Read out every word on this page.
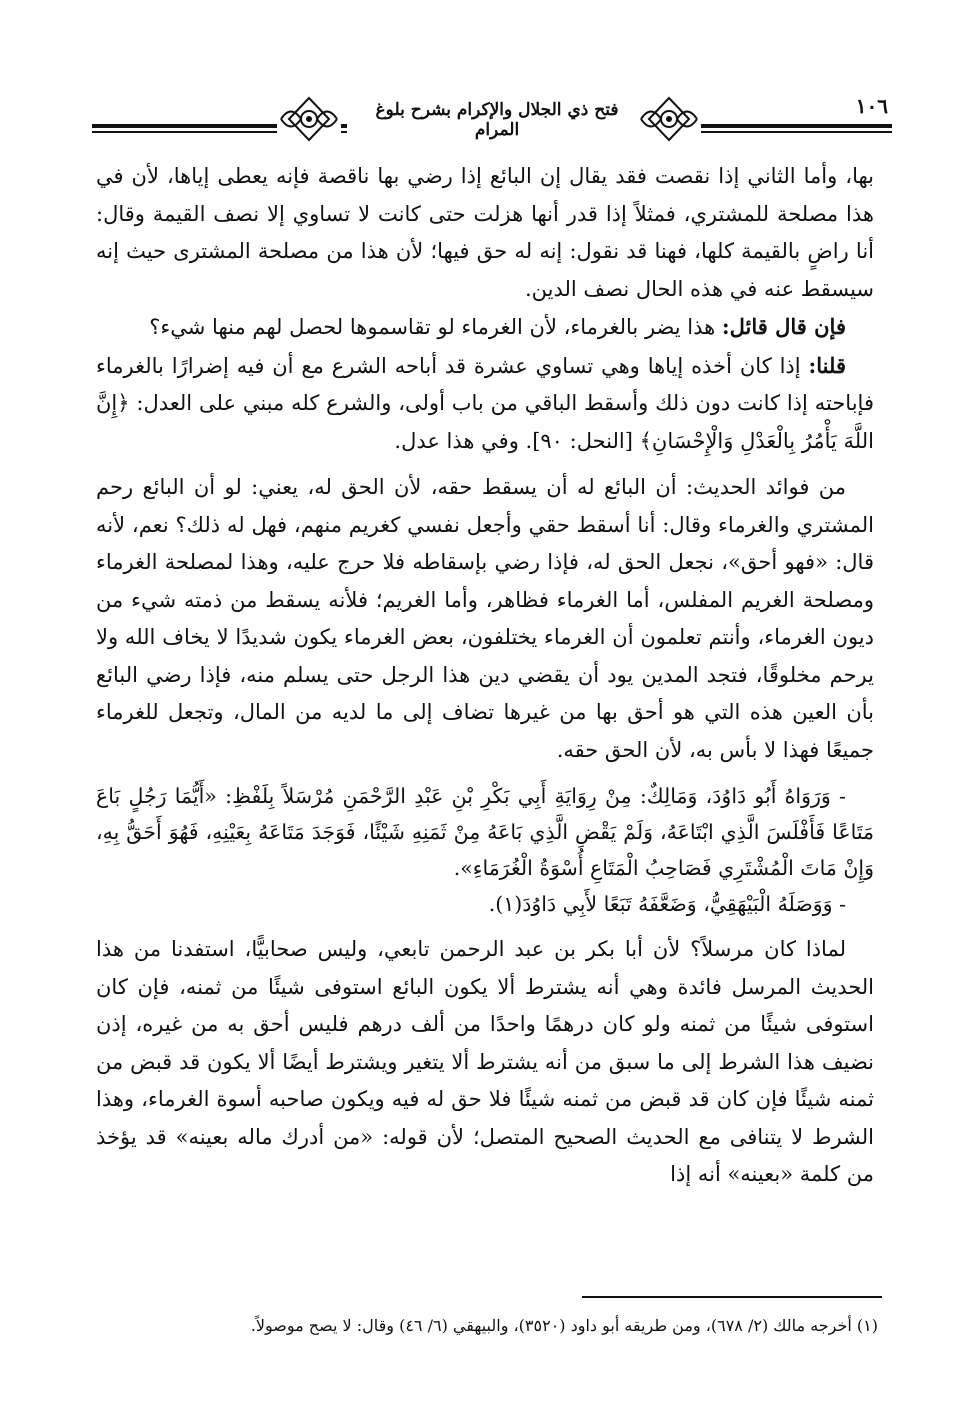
فتح ذي الجلال والإكرام بشرح بلوغ المرام
١٠٦

بها، وأما الثاني إذا نقصت فقد يقال إن البائع إذا رضي بها ناقصة فإنه يعطى إياها، لأن في هذا مصلحة للمشتري، فمثلاً إذا قدر أنها هزلت حتى كانت لا تساوي إلا نصف القيمة وقال: أنا راضٍ بالقيمة كلها، فهنا قد نقول: إنه له حق فيها؛ لأن هذا من مصلحة المشترى حيث إنه سيسقط عنه في هذه الحال نصف الدين.

فإن قال قائل: هذا يضر بالغرماء، لأن الغرماء لو تقاسموها لحصل لهم منها شيء؟

قلنا: إذا كان أخذه إياها وهي تساوي عشرة قد أباحه الشرع مع أن فيه إضرارًا بالغرماء فإباحته إذا كانت دون ذلك وأسقط الباقي من باب أولى، والشرع كله مبني على العدل: ﴿إِنَّ اللَّهَ يَأْمُرُ بِالْعَدْلِ وَالْإِحْسَانِ﴾ [النحل: ٩٠]. وفي هذا عدل.

من فوائد الحديث: أن البائع له أن يسقط حقه، لأن الحق له، يعني: لو أن البائع رحم المشتري والغرماء وقال: أنا أسقط حقي وأجعل نفسي كغريم منهم، فهل له ذلك؟ نعم، لأنه قال: «فهو أحق»، نجعل الحق له، فإذا رضي بإسقاطه فلا حرج عليه، وهذا لمصلحة الغرماء ومصلحة الغريم المفلس، أما الغرماء فظاهر، وأما الغريم؛ فلأنه يسقط من ذمته شيء من ديون الغرماء، وأنتم تعلمون أن الغرماء يختلفون، بعض الغرماء يكون شديدًا لا يخاف الله ولا يرحم مخلوقًا، فتجد المدين يود أن يقضي دين هذا الرجل حتى يسلم منه، فإذا رضي البائع بأن العين هذه التي هو أحق بها من غيرها تضاف إلى ما لديه من المال، وتجعل للغرماء جميعًا فهذا لا بأس به، لأن الحق حقه.

- وَرَوَاهُ أَبُو دَاوُدَ، وَمَالِكٌ: مِنْ رِوَايَةِ أَبِي بَكْرِ بْنِ عَبْدِ الرَّحْمَنِ مُرْسَلاً بِلَفْظِ: «أَيُّمَا رَجُلٍ بَاعَ مَتَاعًا فَأَفْلَسَ الَّذِي ابْتَاعَهُ، وَلَمْ يَقْضِ الَّذِي بَاعَهُ مِنْ ثَمَنِهِ شَيْئًا، فَوَجَدَ مَتَاعَهُ بِعَيْنِهِ، فَهُوَ أَحَقُّ بِهِ، وَإِنْ مَاتَ الْمُشْتَرِي فَصَاحِبُ الْمَتَاعِ أُسْوَةُ الْغُرَمَاءِ».

- وَوَصَلَهُ الْبَيْهَقِيُّ، وَضَعَّفَهُ تَبَعًا لأَبِي دَاوُدَ(١).

لماذا كان مرسلاً؟ لأن أبا بكر بن عبد الرحمن تابعي، وليس صحابيًّا، استفدنا من هذا الحديث المرسل فائدة وهي أنه يشترط ألا يكون البائع استوفى شيئًا من ثمنه، فإن كان استوفى شيئًا من ثمنه ولو كان درهمًا واحدًا من ألف درهم فليس أحق به من غيره، إذن نضيف هذا الشرط إلى ما سبق من أنه يشترط ألا يتغير ويشترط أيضًا ألا يكون قد قبض من ثمنه شيئًا فإن كان قد قبض من ثمنه شيئًا فلا حق له فيه ويكون صاحبه أسوة الغرماء، وهذا الشرط لا يتنافى مع الحديث الصحيح المتصل؛ لأن قوله: «من أدرك ماله بعينه» قد يؤخذ من كلمة «بعينه» أنه إذا

(١) أخرجه مالك (٢/ ٦٧٨)، ومن طريقه أبو داود (٣٥٢٠)، والبيهقي (٦/ ٤٦) وقال: لا يصح موصولاً.
